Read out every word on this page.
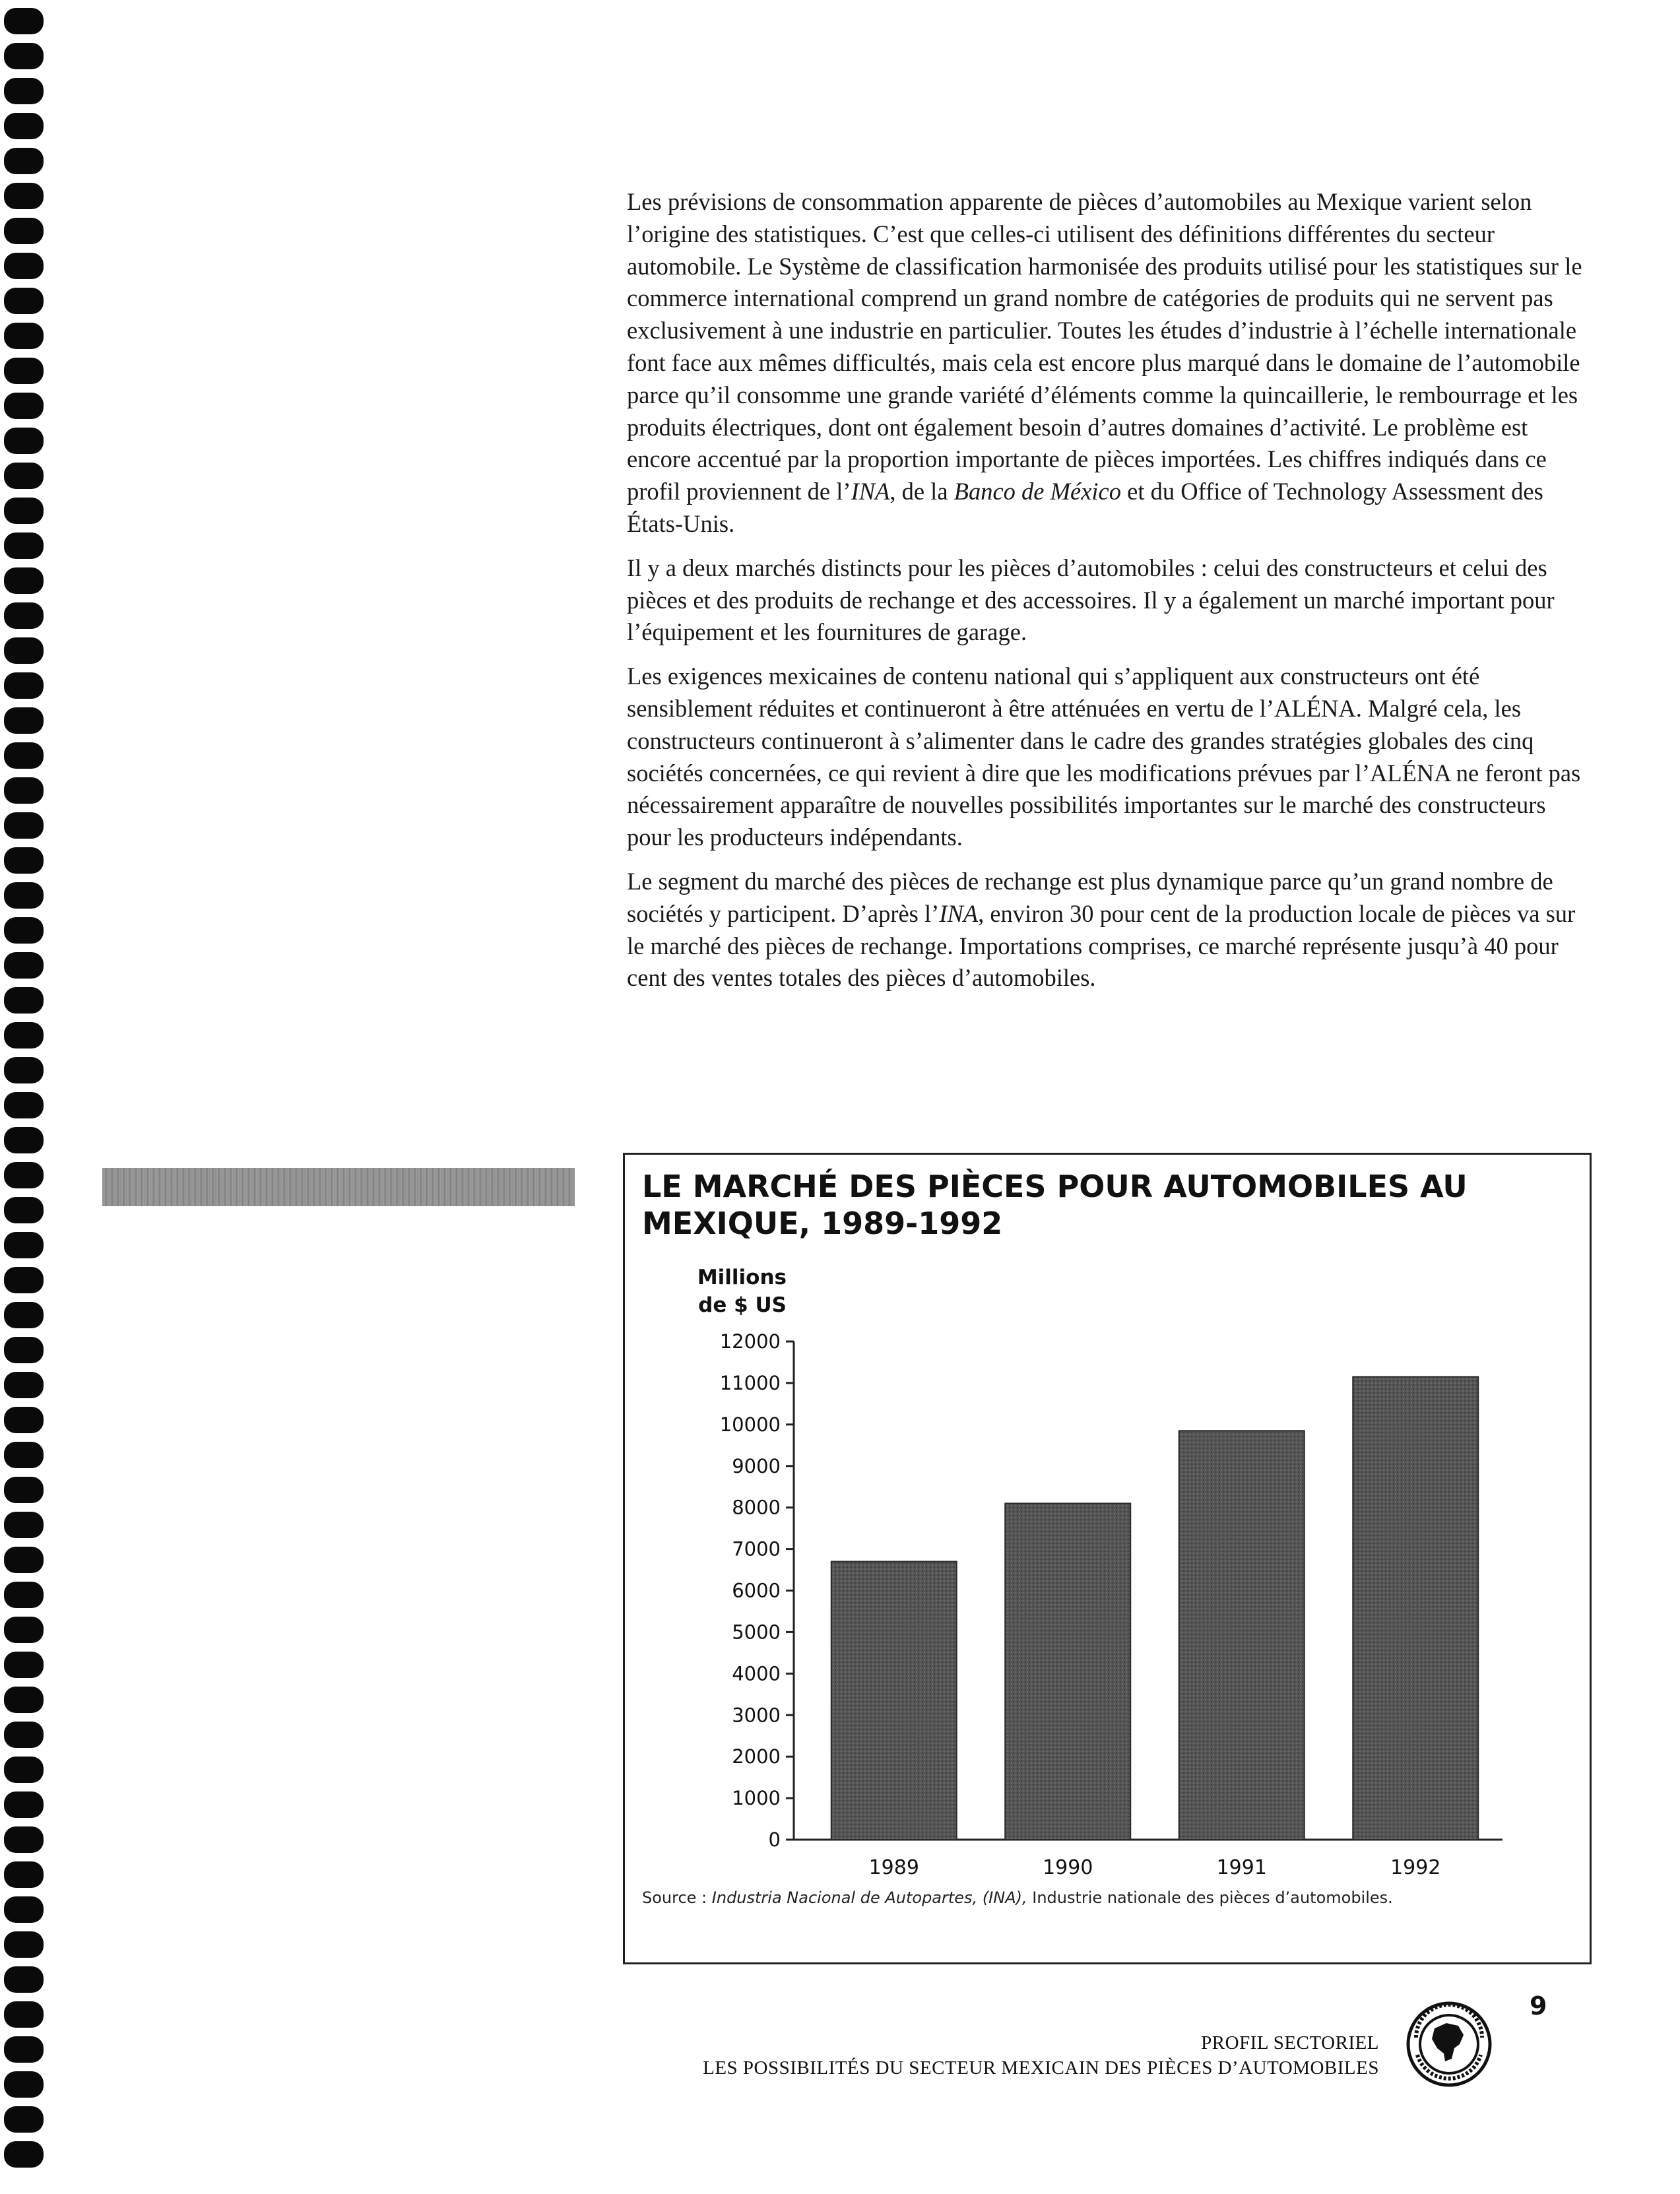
Les prévisions de consommation apparente de pièces d’automobiles au Mexique varient selon l’origine des statistiques. C’est que celles-ci utilisent des définitions différentes du secteur automobile. Le Système de classification harmonisée des produits utilisé pour les statistiques sur le commerce international comprend un grand nombre de catégories de produits qui ne servent pas exclusivement à une industrie en particulier. Toutes les études d’industrie à l’échelle internationale font face aux mêmes difficultés, mais cela est encore plus marqué dans le domaine de l’automobile parce qu’il consomme une grande variété d’éléments comme la quincaillerie, le rembourrage et les produits électriques, dont ont également besoin d’autres domaines d’activité. Le problème est encore accentué par la proportion importante de pièces importées. Les chiffres indiqués dans ce profil proviennent de l’INA, de la Banco de México et du Office of Technology Assessment des États-Unis.

Il y a deux marchés distincts pour les pièces d’automobiles : celui des constructeurs et celui des pièces et des produits de rechange et des accessoires. Il y a également un marché important pour l’équipement et les fournitures de garage.

Les exigences mexicaines de contenu national qui s’appliquent aux constructeurs ont été sensiblement réduites et continueront à être atténuées en vertu de l’ALÉNA. Malgré cela, les constructeurs continueront à s’alimenter dans le cadre des grandes stratégies globales des cinq sociétés concernées, ce qui revient à dire que les modifications prévues par l’ALÉNA ne feront pas nécessairement apparaître de nouvelles possibilités importantes sur le marché des constructeurs pour les producteurs indépendants.

Le segment du marché des pièces de rechange est plus dynamique parce qu’un grand nombre de sociétés y participent. D’après l’INA, environ 30 pour cent de la production locale de pièces va sur le marché des pièces de rechange. Importations comprises, ce marché représente jusqu’à 40 pour cent des ventes totales des pièces d’automobiles.

LE MARCHÉ DES PIÈCES POUR AUTOMOBILES AU MEXIQUE, 1989-1992
Millions
de $ US
0
1000
2000
3000
4000
5000
6000
7000
8000
9000
10000
11000
12000
1989	1990	1991	1992
Source : Industria Nacional de Autopartes, (INA), Industrie nationale des pièces d’automobiles.
PROFIL SECTORIEL
LES POSSIBILITÉS DU SECTEUR MEXICAIN DES PIÈCES D’AUTOMOBILES
9
